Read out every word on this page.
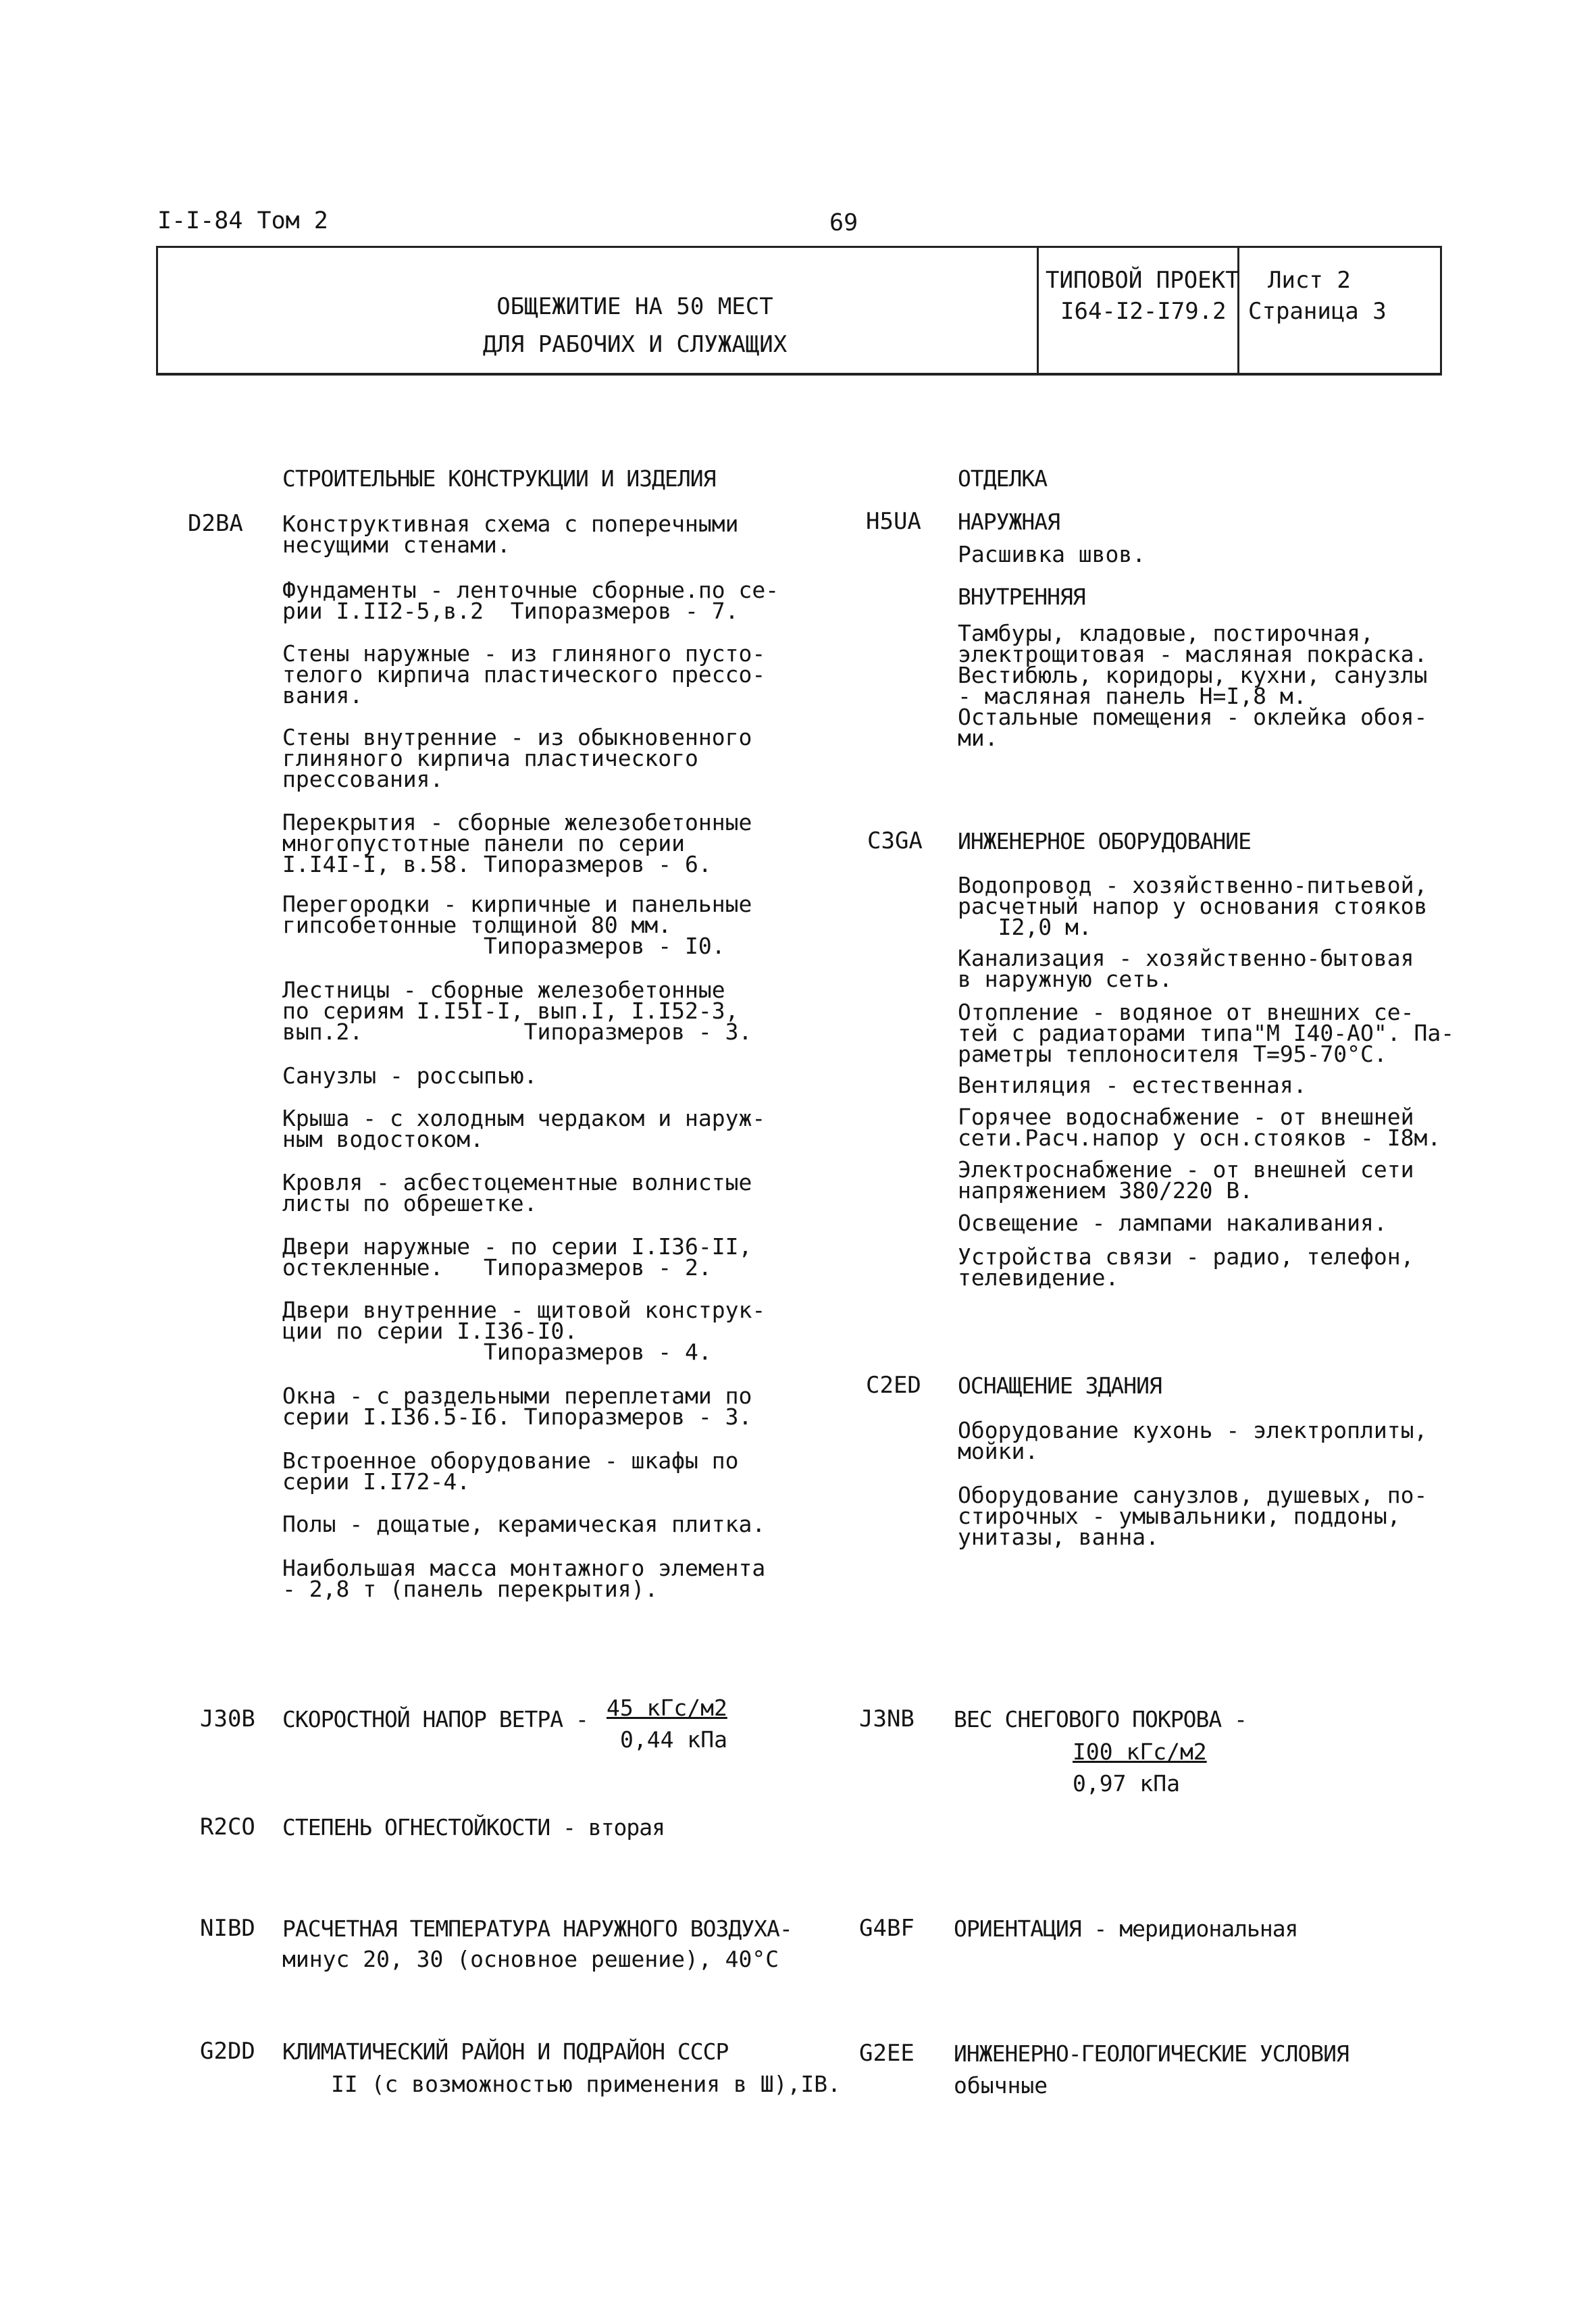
I-I-84 Том 2	69
ОБЩЕЖИТИЕ НА 50 МЕСТ
ДЛЯ РАБОЧИХ И СЛУЖАЩИХ
ТИПОВОЙ ПРОЕКТ
I64-I2-I79.2
Лист 2
Страница 3
СТРОИТЕЛЬНЫЕ КОНСТРУКЦИИ И ИЗДЕЛИЯ
D2BA Конструктивная схема с поперечными
несущими стенами.
Фундаменты - ленточные сборные.по се-
рии I.II2-5,в.2  Типоразмеров - 7.
Стены наружные - из глиняного пусто-
телого кирпича пластического прессо-
вания.
Стены внутренние - из обыкновенного
глиняного кирпича пластического
прессования.
Перекрытия - сборные железобетонные
многопустотные панели по серии
I.I4I-I, в.58. Типоразмеров - 6.
Перегородки - кирпичные и панельные
гипсобетонные толщиной 80 мм.
Типоразмеров - I0.
Лестницы - сборные железобетонные
по сериям I.I5I-I, вып.I, I.I52-3,
вып.2.            Типоразмеров - 3.
Санузлы - россыпью.
Крыша - с холодным чердаком и наруж-
ным водостоком.
Кровля - асбестоцементные волнистые
листы по обрешетке.
Двери наружные - по серии I.I36-II,
остекленные.   Типоразмеров - 2.
Двери внутренние - щитовой конструк-
ции по серии I.I36-I0.
Типоразмеров - 4.
Окна - с раздельными переплетами по
серии I.I36.5-I6. Типоразмеров - 3.
Встроенное оборудование - шкафы по
серии I.I72-4.
Полы - дощатые, керамическая плитка.
Наибольшая масса монтажного элемента
- 2,8 т (панель перекрытия).
ОТДЕЛКА
H5UA НАРУЖНАЯ
Расшивка швов.
ВНУТРЕННЯЯ
Тамбуры, кладовые, постирочная,
электрощитовая - масляная покраска.
Вестибюль, коридоры, кухни, санузлы
- масляная панель Н=I,8 м.
Остальные помещения - оклейка обоя-
ми.
C3GA ИНЖЕНЕРНОЕ ОБОРУДОВАНИЕ
Водопровод - хозяйственно-питьевой,
расчетный напор у основания стояков
I2,0 м.
Канализация - хозяйственно-бытовая
в наружную сеть.
Отопление - водяное от внешних се-
тей с радиаторами типа"М I40-АО". Па-
раметры теплоносителя Т=95-70°С.
Вентиляция - естественная.
Горячее водоснабжение - от внешней
сети.Расч.напор у осн.стояков - I8м.
Электроснабжение - от внешней сети
напряжением 380/220 В.
Освещение - лампами накаливания.
Устройства связи - радио, телефон,
телевидение.
C2ED ОСНАЩЕНИЕ ЗДАНИЯ
Оборудование кухонь - электроплиты,
мойки.
Оборудование санузлов, душевых, по-
стирочных - умывальники, поддоны,
унитазы, ванна.
J30B СКОРОСТНОЙ НАПОР ВЕТРА - 45 кГс/м2
0,44 кПа
J3NB ВЕС СНЕГОВОГО ПОКРОВА -
I00 кГс/м2
0,97 кПа
R2CO СТЕПЕНЬ ОГНЕСТОЙКОСТИ - вторая
NIBD РАСЧЕТНАЯ ТЕМПЕРАТУРА НАРУЖНОГО ВОЗДУХА-
минус 20, 30 (основное решение), 40°С
G4BF ОРИЕНТАЦИЯ - меридиональная
G2DD КЛИМАТИЧЕСКИЙ РАЙОН И ПОДРАЙОН СССР
II (с возможностью применения в Ш),IВ.
G2EE ИНЖЕНЕРНО-ГЕОЛОГИЧЕСКИЕ УСЛОВИЯ
обычные
